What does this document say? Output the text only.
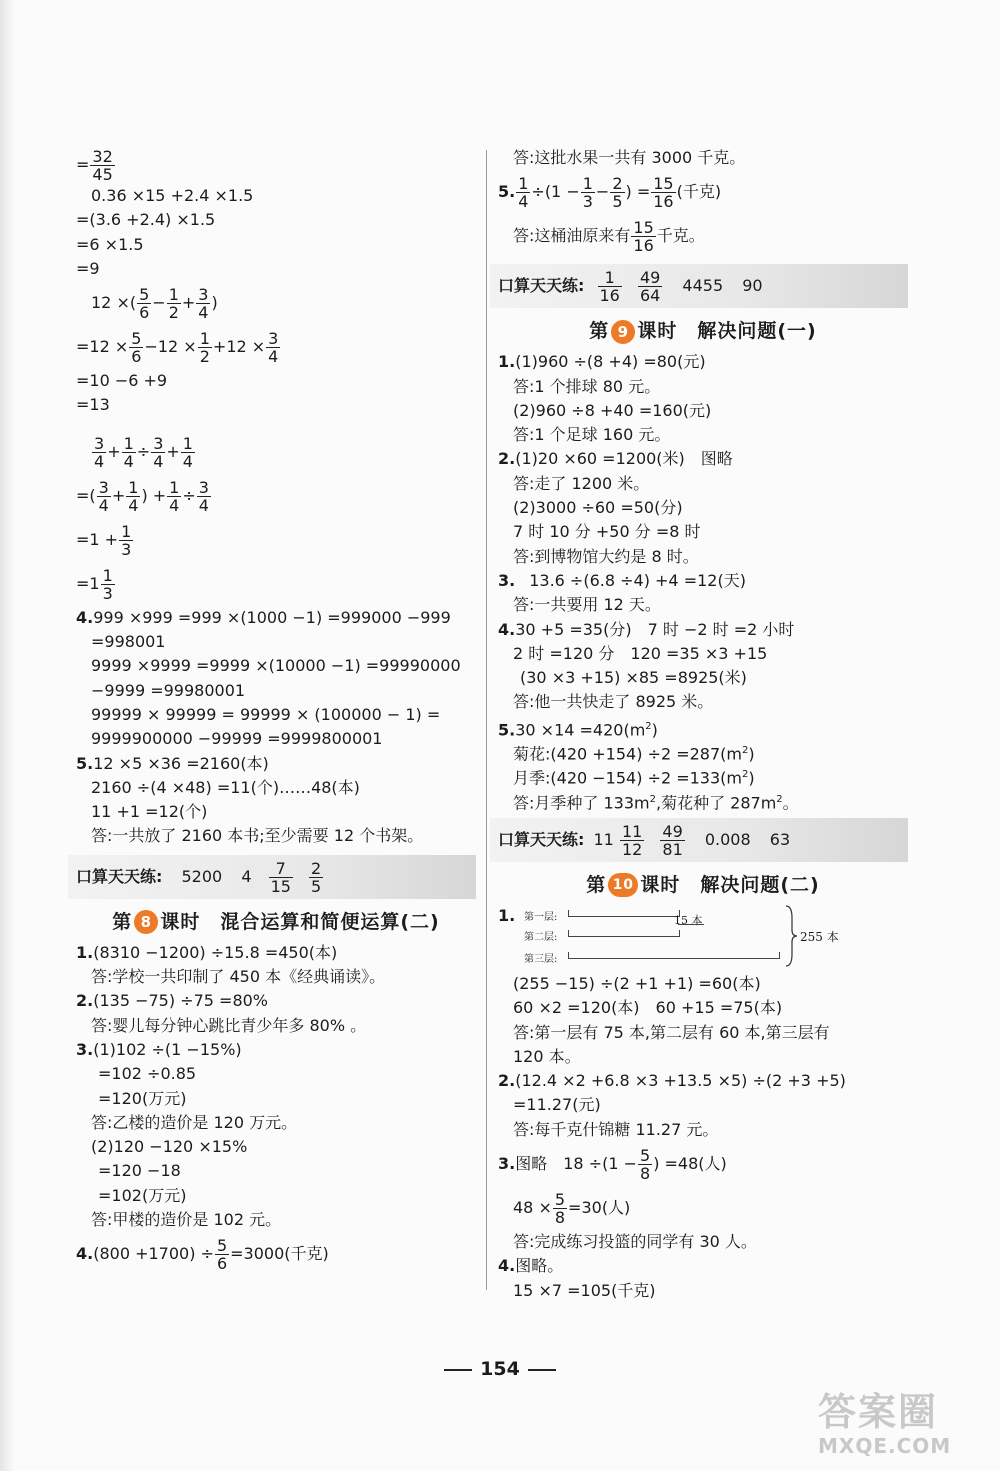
= $\frac{32}{45}$
0.36 ×15 +2.4 ×1.5
=(3.6 +2.4) ×1.5
=6 ×1.5
=9
12 ×( $\frac{5}{6} - \frac{1}{2} + \frac{3}{4}$ )
$=12 \times \frac{5}{6} -12 \times \frac{1}{2} +12 \times \frac{3}{4}$
=10 −6 +9
=13
$\frac{3}{4} + \frac{1}{4} \div \frac{3}{4} + \frac{1}{4}$
=( $\frac{3}{4} + \frac{1}{4}$ ) + $\frac{1}{4} \div \frac{3}{4}$
$=1 + \frac{1}{3}$
$=1 \frac{1}{3}$
4.999 ×999 =999 ×(1000 −1) =999000 −999
=998001
9999 ×9999 =9999 ×(10000 −1) =99990000
−9999 =99980001
99999 × 99999 = 99999 × (100000 − 1) =
9999900000 −99999 =9999800001
5.12 ×5 ×36 =2160(本)
2160 ÷(4 ×48) =11(个)……48(本)
11 +1 =12(个)
答:一共放了 2160 本书;至少需要 12 个书架。
口算天天练: 5200 $4 \frac{7}{15}$
$\frac{2}{5}$
第 8 课时　混合运算和简便运算(二)
1.(8310 −1200) ÷15.8 =450(本)
答:学校一共印制了 450 本《经典诵读》。
2.(135 −75) ÷75 =80%
答:婴儿每分钟心跳比青少年多 80% 。
3.(1)102 ÷(1 −15%)
=102 ÷0.85
=120(万元)
答:乙楼的造价是 120 万元。
(2)120 −120 ×15%
=120 −18
=102(万元)
答:甲楼的造价是 102 元。
$4.(800 +1700) \div \frac{5}{6} =3000$(千克)
答:这批水果一共有 3000 千克。
5. $\frac{1}{4} \div(1 - \frac{1}{3} - \frac{2}{5}$ ) = $\frac{15}{16}$ (千克)
答:这桶油原来有 $\frac{15}{16}$ 千克。
口算天天练: $\frac{1}{16}$
$\frac{49}{64} 4455$ 90
第 9 课时　解决问题(一)
1.(1)960 ÷(8 +4) =80(元)
答:1 个排球 80 元。
(2)960 ÷8 +40 =160(元)
答:1 个足球 160 元。
2.(1)20 ×60 =1200(米)　图略
答:走了 1200 米。
(2)3000 ÷60 =50(分)
7 时 10 分 +50 分 =8 时
答:到博物馆大约是 8 时。
3. 13.6 ÷(6.8 ÷4) +4 =12(天)
答:一共要用 12 天。
4.30 +5 =35(分)　7 时 −2 时 =2 小时
2 时 =120 分　120 =35 ×3 +15
(30 ×3 +15) ×85 =8925(米)
答:他一共快走了 8925 米。
$5.30 \times 14 =420(m^2)$
菊花:(420 $+154) \div 2 =287(m^2)$
月季:(420 $-154) \div 2 =133(m^2)$
答:月季种了 $133m^2$,菊花种了 $287m^2$。
口算天天练: $11 \frac{11}{12}$
$\frac{49}{81} 0.008$ 63
第 10 课时　解决问题(二)
1. 第一层:
第二层:
15 本
第三层:
255 本
(255 −15) ÷(2 +1 +1) =60(本)
60 ×2 =120(本)　60 +15 =75(本)
答:第一层有 75 本,第二层有 60 本,第三层有
120 本。
2.(12.4 ×2 +6.8 ×3 +13.5 ×5) ÷(2 +3 +5)
=11.27(元)
答:每千克什锦糖 11.27 元。
3.图略　$18 \div(1 - \frac{5}{8}$ ) =48(人)
$48 \times \frac{5}{8} =30$(人)
答:完成练习投篮的同学有 30 人。
4.图略。
15 ×7 =105(千克)
154
答案圈
MXQE.COM
